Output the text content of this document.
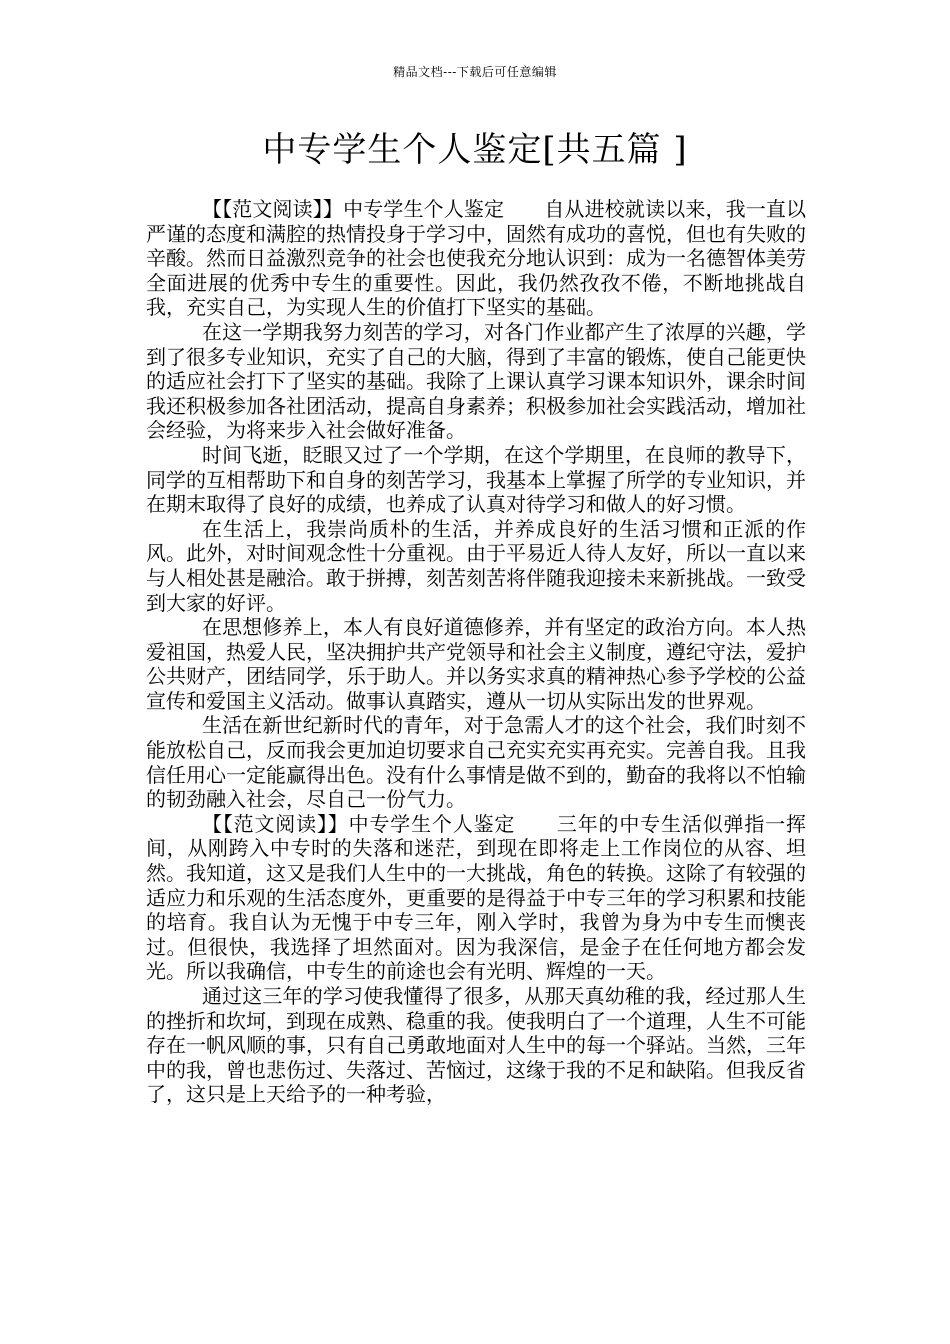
精品文档---下载后可任意编辑
中专学生个人鉴定[共五篇 ]

【【范文阅读】】中专学生个人鉴定　　自从进校就读以来，我一直以严谨的态度和满腔的热情投身于学习中，固然有成功的喜悦，但也有失败的辛酸。然而日益激烈竞争的社会也使我充分地认识到：成为一名德智体美劳全面进展的优秀中专生的重要性。因此，我仍然孜孜不倦，不断地挑战自我，充实自己，为实现人生的价值打下坚实的基础。

在这一学期我努力刻苦的学习，对各门作业都产生了浓厚的兴趣，学到了很多专业知识，充实了自己的大脑，得到了丰富的锻炼，使自己能更快的适应社会打下了坚实的基础。我除了上课认真学习课本知识外，课余时间我还积极参加各社团活动，提高自身素养；积极参加社会实践活动，增加社会经验，为将来步入社会做好准备。

时间飞逝，眨眼又过了一个学期，在这个学期里，在良师的教导下，同学的互相帮助下和自身的刻苦学习，我基本上掌握了所学的专业知识，并在期末取得了良好的成绩，也养成了认真对待学习和做人的好习惯。

在生活上，我崇尚质朴的生活，并养成良好的生活习惯和正派的作风。此外，对时间观念性十分重视。由于平易近人待人友好，所以一直以来与人相处甚是融洽。敢于拼搏，刻苦刻苦将伴随我迎接未来新挑战。一致受到大家的好评。

在思想修养上，本人有良好道德修养，并有坚定的政治方向。本人热爱祖国，热爱人民，坚决拥护共产党领导和社会主义制度，遵纪守法，爱护公共财产，团结同学，乐于助人。并以务实求真的精神热心参予学校的公益宣传和爱国主义活动。做事认真踏实，遵从一切从实际出发的世界观。

生活在新世纪新时代的青年，对于急需人才的这个社会，我们时刻不能放松自己，反而我会更加迫切要求自己充实充实再充实。完善自我。且我信任用心一定能赢得出色。没有什么事情是做不到的，勤奋的我将以不怕输的韧劲融入社会，尽自己一份气力。

【【范文阅读】】中专学生个人鉴定　　三年的中专生活似弹指一挥间，从刚跨入中专时的失落和迷茫，到现在即将走上工作岗位的从容、坦然。我知道，这又是我们人生中的一大挑战，角色的转换。这除了有较强的适应力和乐观的生活态度外，更重要的是得益于中专三年的学习积累和技能的培育。我自认为无愧于中专三年，刚入学时，我曾为身为中专生而懊丧过。但很快，我选择了坦然面对。因为我深信，是金子在任何地方都会发光。所以我确信，中专生的前途也会有光明、辉煌的一天。

通过这三年的学习使我懂得了很多，从那天真幼稚的我，经过那人生的挫折和坎坷，到现在成熟、稳重的我。使我明白了一个道理，人生不可能存在一帆风顺的事，只有自己勇敢地面对人生中的每一个驿站。当然，三年中的我，曾也悲伤过、失落过、苦恼过，这缘于我的不足和缺陷。但我反省了，这只是上天给予的一种考验，
